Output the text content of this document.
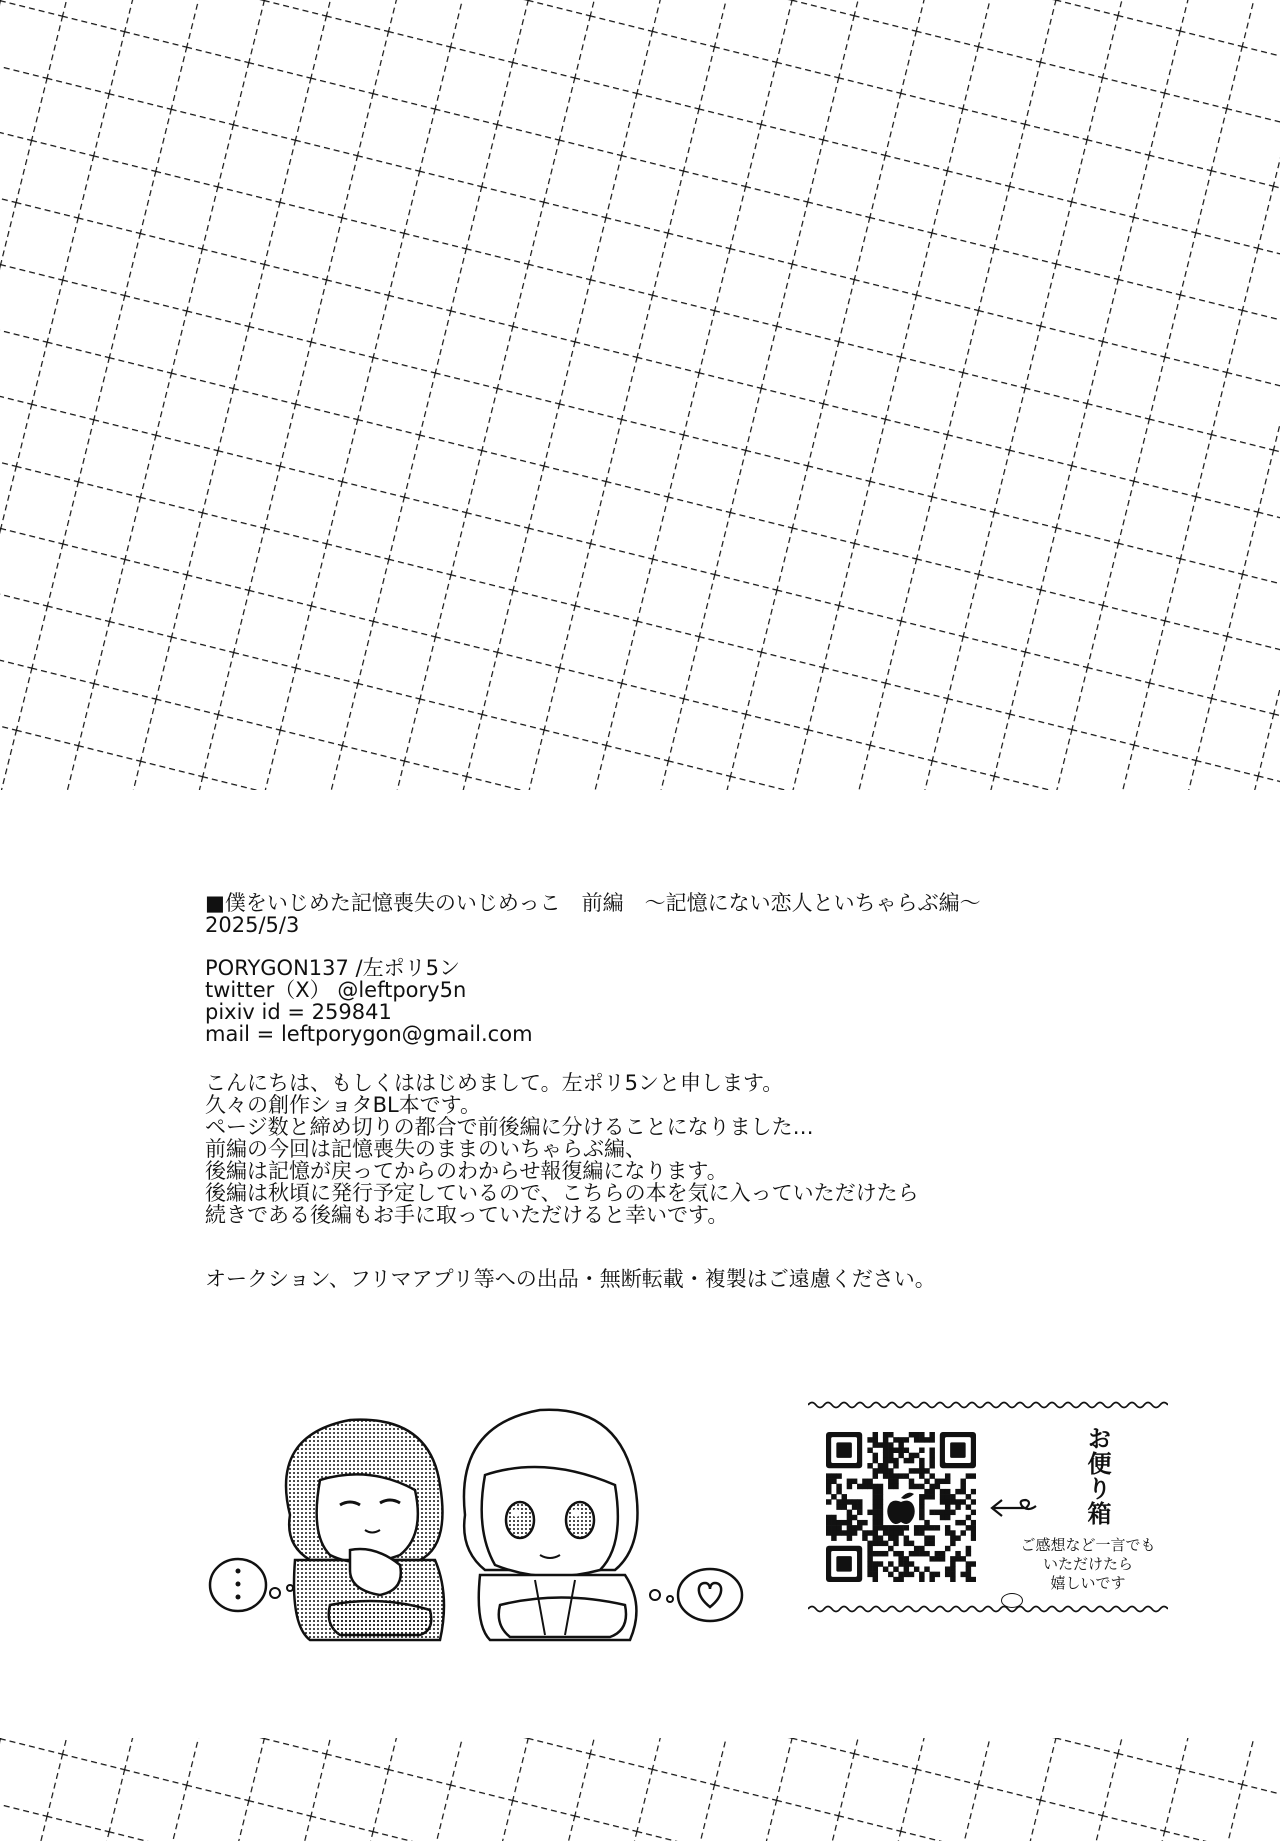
■僕をいじめた記憶喪失のいじめっこ　前編　～記憶にない恋人といちゃらぶ編～
2025/5/3
PORYGON137 /左ポリ5ン
twitter（X） @leftpory5n
pixiv id = 259841
mail = leftporygon@gmail.com
こんにちは、もしくははじめまして。左ポリ5ンと申します。
久々の創作ショタBL本です。
ページ数と締め切りの都合で前後編に分けることになりました…
前編の今回は記憶喪失のままのいちゃらぶ編、
後編は記憶が戻ってからのわからせ報復編になります。
後編は秋頃に発行予定しているので、こちらの本を気に入っていただけたら
続きである後編もお手に取っていただけると幸いです。
オークション、フリマアプリ等への出品・無断転載・複製はご遠慮ください。
お便り箱
ご感想など一言でも
いただけたら
嬉しいです
